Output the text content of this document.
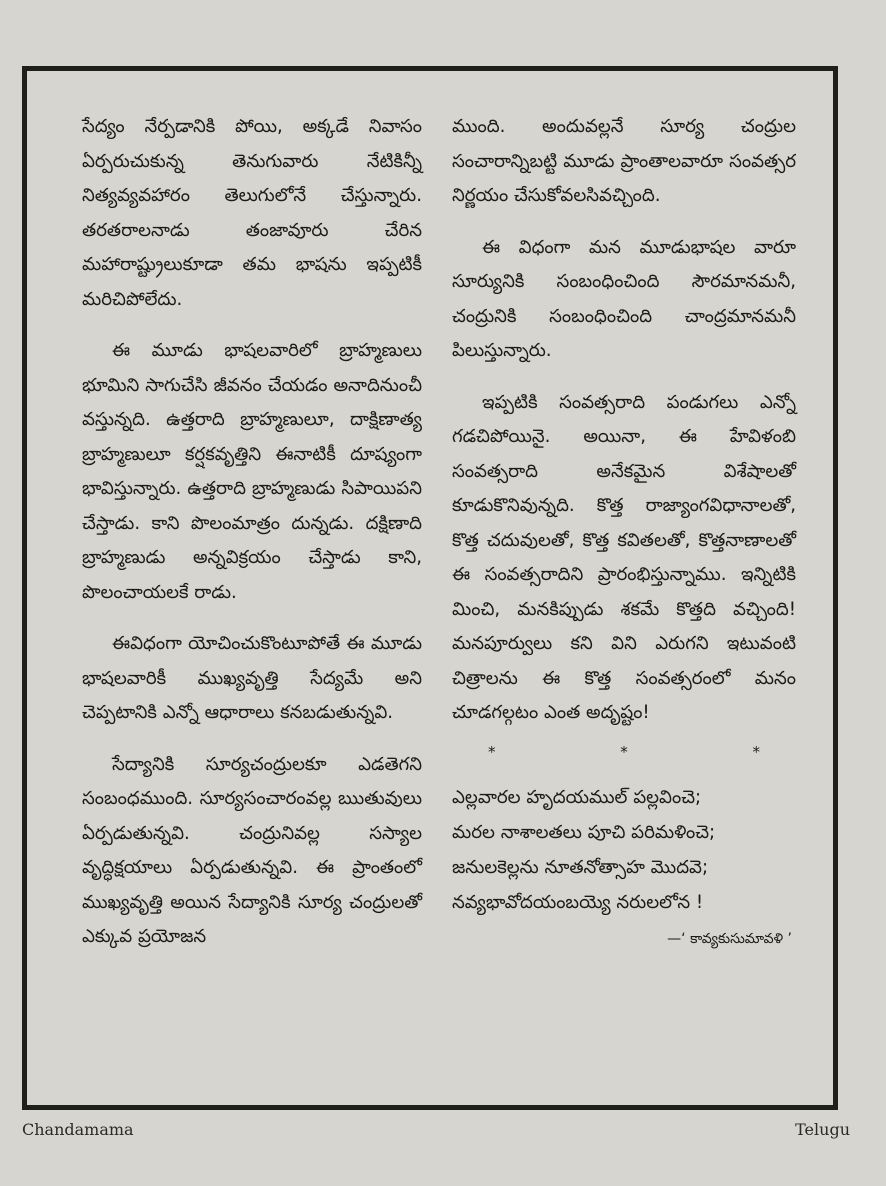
సేద్యం నేర్పడానికి పోయి, అక్కడే నివాసం ఏర్పరుచుకున్న తెనుగువారు నేటికిన్నీ నిత్యవ్యవహారం తెలుగులోనే చేస్తున్నారు. తరతరాలనాడు తంజావూరు చేరిన మహారాష్ట్రులుకూడా తమ భాషను ఇప్పటికీ మరిచిపోలేదు.

ఈ మూడు భాషలవారిలో బ్రాహ్మణులు భూమిని సాగుచేసి జీవనం చేయడం అనాదినుంచీ వస్తున్నది. ఉత్తరాది బ్రాహ్మణులూ, దాక్షిణాత్య బ్రాహ్మణులూ కర్షకవృత్తిని ఈనాటికీ దూష్యంగా భావిస్తున్నారు. ఉత్తరాది బ్రాహ్మణుడు సిపాయిపని చేస్తాడు. కాని పొలంమాత్రం దున్నడు. దక్షిణాది బ్రాహ్మణుడు అన్నవిక్రయం చేస్తాడు కాని, పొలంచాయలకే రాడు.

ఈవిధంగా యోచించుకొంటూపోతే ఈ మూడు భాషలవారికీ ముఖ్యవృత్తి సేద్యమే అని చెప్పటానికి ఎన్నో ఆధారాలు కనబడుతున్నవి.

సేద్యానికి సూర్యచంద్రులకూ ఎడతెగని సంబంధముంది. సూర్యసంచారంవల్ల ఋతువులు ఏర్పడుతున్నవి. చంద్రునివల్ల సస్యాల వృద్ధిక్షయాలు ఏర్పడుతున్నవి. ఈ ప్రాంతంలో ముఖ్యవృత్తి అయిన సేద్యానికి సూర్య చంద్రులతో ఎక్కువ ప్రయోజన

ముంది. అందువల్లనే సూర్య చంద్రుల సంచారాన్నిబట్టి మూడు ప్రాంతాలవారూ సంవత్సర నిర్ణయం చేసుకోవలసివచ్చింది.

ఈ విధంగా మన మూడుభాషల వారూ సూర్యునికి సంబంధించింది సౌరమానమనీ, చంద్రునికి సంబంధించింది చాంద్రమానమనీ పిలుస్తున్నారు.

ఇప్పటికి సంవత్సరాది పండుగలు ఎన్నో గడచిపోయినై. అయినా, ఈ హేవిళంబి సంవత్సరాది అనేకమైన విశేషాలతో కూడుకొనివున్నది. కొత్త రాజ్యాంగవిధానాలతో, కొత్త చదువులతో, కొత్త కవితలతో, కొత్తనాణాలతో ఈ సంవత్సరాదిని ప్రారంభిస్తున్నాము. ఇన్నిటికి మించి, మనకిప్పుడు శకమే కొత్తది వచ్చింది! మనపూర్వులు కని విని ఎరుగని ఇటువంటి చిత్రాలను ఈ కొత్త సంవత్సరంలో మనం చూడగల్గటం ఎంత అదృష్టం!

*	*	*
ఎల్లవారల హృదయముల్ పల్లవించె;
మరల నాశాలతలు పూచి పరిమళించె;
జనులకెల్లను నూతనోత్సాహ మొదవె;
నవ్యభావోదయంబయ్యె నరులలోన !
—‘ కావ్యకుసుమావళి ’
Chandamama	Telugu
